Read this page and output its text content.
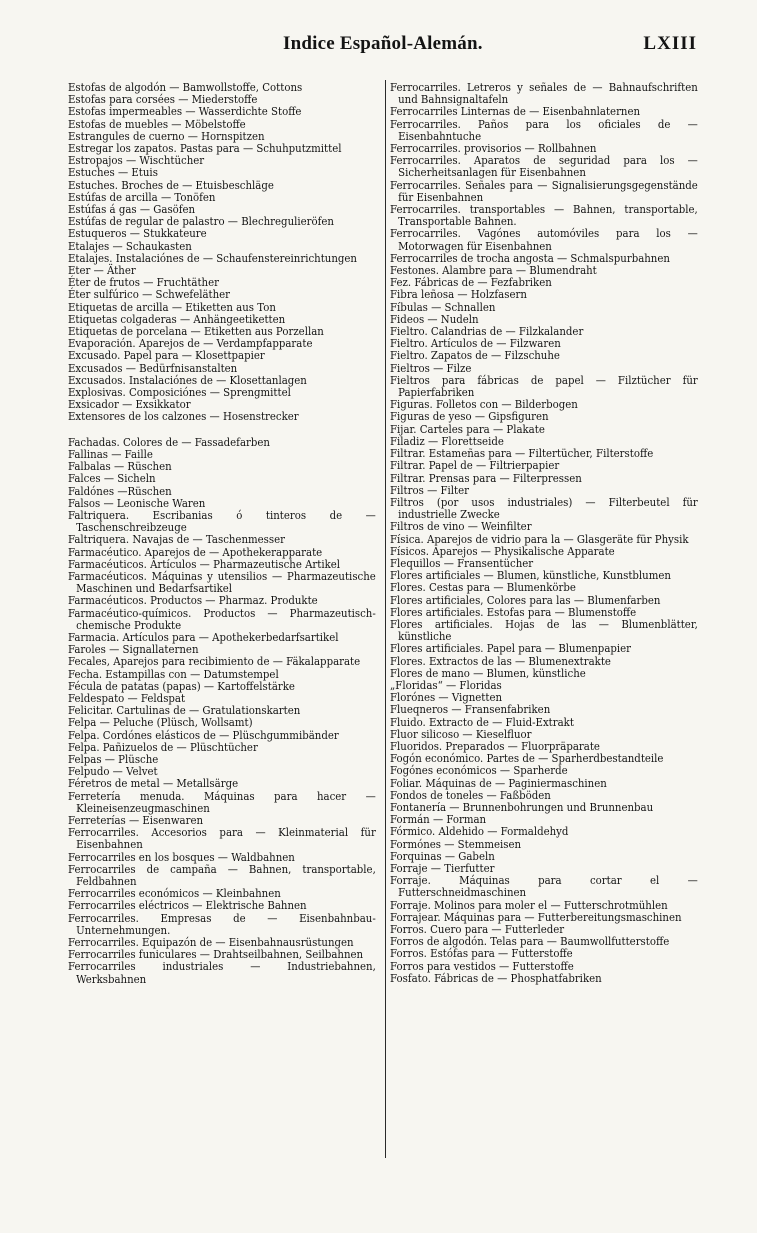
Indice Español-Alemán.	LXIII
Estofas de algodón — Bamwollstoffe, Cottons
Estofas para corsées — Miederstoffe
Estofas impermeables — Wasserdichte Stoffe
Estofas de muebles — Möbelstoffe
Estrangules de cuerno — Hornspitzen
Estregar los zapatos. Pastas para — Schuhputzmittel
Estropajos — Wischtücher
Estuches — Etuis
Estuches. Broches de — Etuisbeschläge
Estúfas de arcilla — Tonöfen
Estúfas á gas — Gasöfen
Estúfas de regular de palastro — Blechregulieröfen
Estuqueros — Stukkateure
Etalajes — Schaukasten
Etalajes. Instalaciónes de — Schaufenstereinrichtungen
Eter — Äther
Éter de frutos — Fruchtäther
Éter sulfúrico — Schwefeläther
Etiquetas de arcilla — Etiketten aus Ton
Etiquetas colgaderas — Anhängeetiketten
Etiquetas de porcelana — Etiketten aus Porzellan
Evaporación. Aparejos de — Verdampfapparate
Excusado. Papel para — Klosettpapier
Excusados — Bedürfnisanstalten
Excusados. Instalaciónes de — Klosettanlagen
Explosivas. Composiciónes — Sprengmittel
Exsicador — Exsikkator
Extensores de los calzones — Hosenstrecker
Fachadas. Colores de — Fassadefarben
Fallinas — Faille
Falbalas — Rüschen
Falces — Sicheln
Faldónes —Rüschen
Falsos — Leonische Waren
Faltriquera. Escribanias ó tinteros de — Taschenschreibzeuge
Faltriquera. Navajas de — Taschenmesser
Farmacéutico. Aparejos de — Apothekerapparate
Farmacéuticos. Artículos — Pharmazeutische Artikel
Farmacéuticos. Máquinas y utensilios — Pharmazeutische Maschinen und Bedarfsartikel
Farmacéuticos. Productos — Pharmaz. Produkte
Farmacéutico-químicos. Productos — Pharmazeutisch-chemische Produkte
Farmacia. Artículos para — Apothekerbedarfsartikel
Faroles — Signallaternen
Fecales, Aparejos para recibimiento de — Fäkalapparate
Fecha. Estampillas con — Datumstempel
Fécula de patatas (papas) — Kartoffelstärke
Feldespato — Feldspat
Felicitar. Cartulinas de — Gratulationskarten
Felpa — Peluche (Plüsch, Wollsamt)
Felpa. Cordónes elásticos de — Plüschgummibänder
Felpa. Pañizuelos de — Plüschtücher
Felpas — Plüsche
Felpudo — Velvet
Féretros de metal — Metallsärge
Ferretería menuda. Máquinas para hacer — Kleineisenzeugmaschinen
Ferreterías — Eisenwaren
Ferrocarriles. Accesorios para — Kleinmaterial für Eisenbahnen
Ferrocarriles en los bosques — Waldbahnen
Ferrocarriles de campaña — Bahnen, transportable, Feldbahnen
Ferrocarriles económicos — Kleinbahnen
Ferrocarriles eléctricos — Elektrische Bahnen
Ferrocarriles. Empresas de — Eisenbahnbau-Unternehmungen.
Ferrocarriles. Equipazón de — Eisenbahnausrüstungen
Ferrocarriles funiculares — Drahtseilbahnen, Seilbahnen
Ferrocarriles industriales — Industriebahnen, Werksbahnen
Ferrocarriles. Letreros y señales de — Bahnaufschriften und Bahnsignaltafeln
Ferrocarriles Linternas de — Eisenbahnlaternen
Ferrocarriles. Paños para los oficiales de — Eisenbahntuche
Ferrocarriles. provisorios — Rollbahnen
Ferrocarriles. Aparatos de seguridad para los — Sicherheitsanlagen für Eisenbahnen
Ferrocarriles. Señales para — Signalisierungsgegenstände für Eisenbahnen
Ferrocarriles. transportables — Bahnen, transportable, Transportable Bahnen.
Ferrocarriles. Vagónes automóviles para los — Motorwagen für Eisenbahnen
Ferrocarriles de trocha angosta — Schmalspurbahnen
Festones. Alambre para — Blumendraht
Fez. Fábricas de — Fezfabriken
Fibra leñosa — Holzfasern
Fíbulas — Schnallen
Fideos — Nudeln
Fieltro. Calandrias de — Filzkalander
Fieltro. Artículos de — Filzwaren
Fieltro. Zapatos de — Filzschuhe
Fieltros — Filze
Fieltros para fábricas de papel — Filztücher für Papierfabriken
Figuras. Folletos con — Bilderbogen
Figuras de yeso — Gipsfiguren
Fijar. Carteles para — Plakate
Filadiz — Florettseide
Filtrar. Estameñas para — Filtertücher, Filterstoffe
Filtrar. Papel de — Filtrierpapier
Filtrar. Prensas para — Filterpressen
Filtros — Filter
Filtros (por usos industriales) — Filterbeutel für industrielle Zwecke
Filtros de vino — Weinfilter
Física. Aparejos de vidrio para la — Glasgeräte für Physik
Físicos. Aparejos — Physikalische Apparate
Flequillos — Fransentücher
Flores artificiales — Blumen, künstliche, Kunstblumen
Flores. Cestas para — Blumenkörbe
Flores artificiales, Colores para las — Blumenfarben
Flores artificiales. Estofas para — Blumenstoffe
Flores artificiales. Hojas de las — Blumenblätter, künstliche
Flores artificiales. Papel para — Blumenpapier
Flores. Extractos de las — Blumenextrakte
Flores de mano — Blumen, künstliche
„Floridas“ — Floridas
Florónes — Vignetten
Flueqneros — Fransenfabriken
Fluido. Extracto de — Fluid-Extrakt
Fluor silicoso — Kieselfluor
Fluoridos. Preparados — Fluorpräparate
Fogón económico. Partes de — Sparherdbestandteile
Fogónes económicos — Sparherde
Foliar. Máquinas de — Paginiermaschinen
Fondos de toneles — Faßböden
Fontanería — Brunnenbohrungen und Brunnenbau
Formán — Forman
Fórmico. Aldehido — Formaldehyd
Formónes — Stemmeisen
Forquinas — Gabeln
Forraje — Tierfutter
Forraje. Máquinas para cortar el — Futterschneidmaschinen
Forraje. Molinos para moler el — Futterschrotmühlen
Forrajear. Máquinas para — Futterbereitungsmaschinen
Forros. Cuero para — Futterleder
Forros de algodón. Telas para — Baumwollfutterstoffe
Forros. Estófas para — Futterstoffe
Forros para vestidos — Futterstoffe
Fosfato. Fábricas de — Phosphatfabriken
